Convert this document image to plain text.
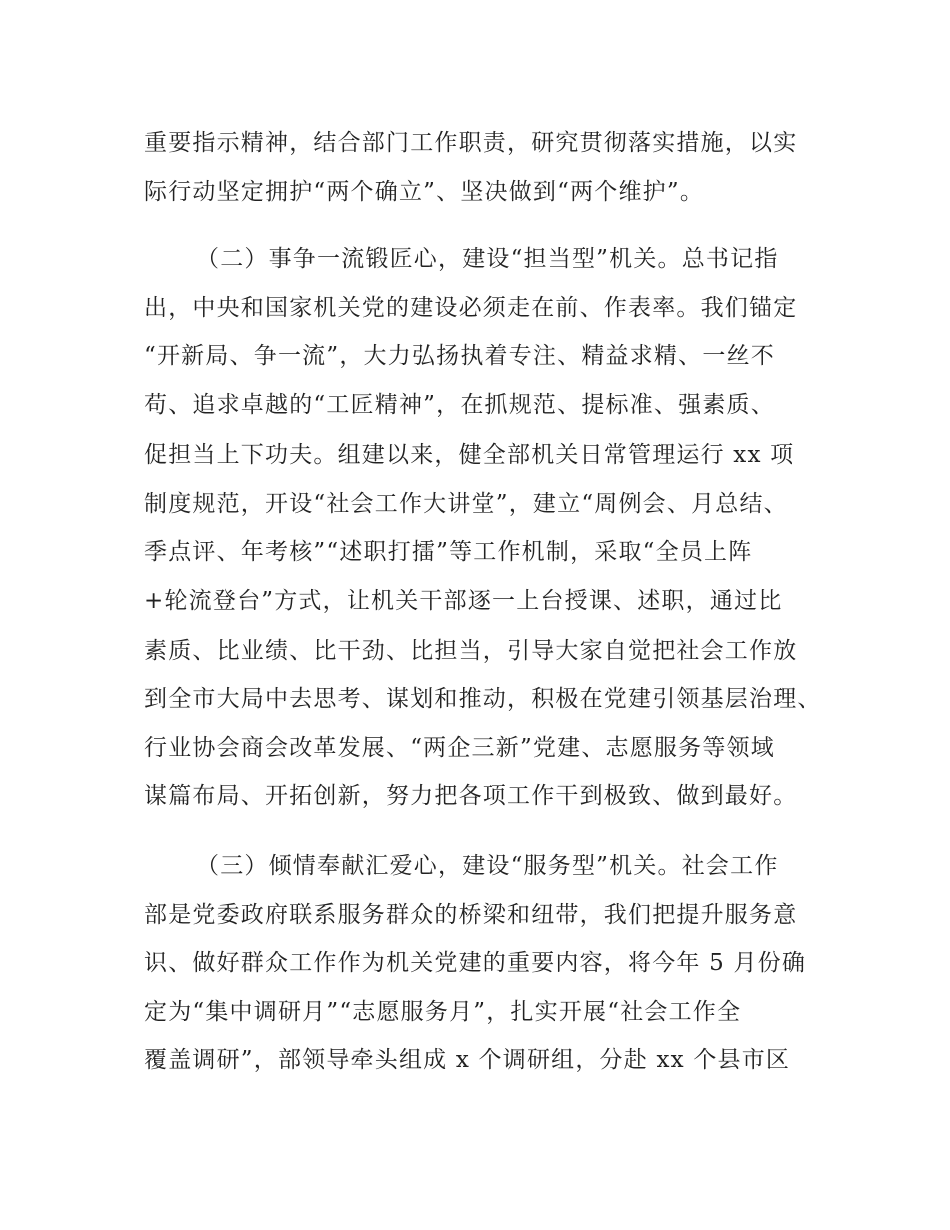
重要指示精神，结合部门工作职责，研究贯彻落实措施，以实
际行动坚定拥护“两个确立”、坚决做到“两个维护”。
（二）事争一流锻匠心，建设“担当型”机关。总书记指
出，中央和国家机关党的建设必须走在前、作表率。我们锚定
“开新局、争一流”，大力弘扬执着专注、精益求精、一丝不
苟、追求卓越的“工匠精神”，在抓规范、提标准、强素质、
促担当上下功夫。组建以来，健全部机关日常管理运行 xx 项
制度规范，开设“社会工作大讲堂”，建立“周例会、月总结、
季点评、年考核”“述职打擂”等工作机制，采取“全员上阵
+轮流登台”方式，让机关干部逐一上台授课、述职，通过比
素质、比业绩、比干劲、比担当，引导大家自觉把社会工作放
到全市大局中去思考、谋划和推动，积极在党建引领基层治理、
行业协会商会改革发展、“两企三新”党建、志愿服务等领域
谋篇布局、开拓创新，努力把各项工作干到极致、做到最好。
（三）倾情奉献汇爱心，建设“服务型”机关。社会工作
部是党委政府联系服务群众的桥梁和纽带，我们把提升服务意
识、做好群众工作作为机关党建的重要内容，将今年 5 月份确
定为“集中调研月”“志愿服务月”，扎实开展“社会工作全
覆盖调研”，部领导牵头组成 x 个调研组，分赴 xx 个县市区
